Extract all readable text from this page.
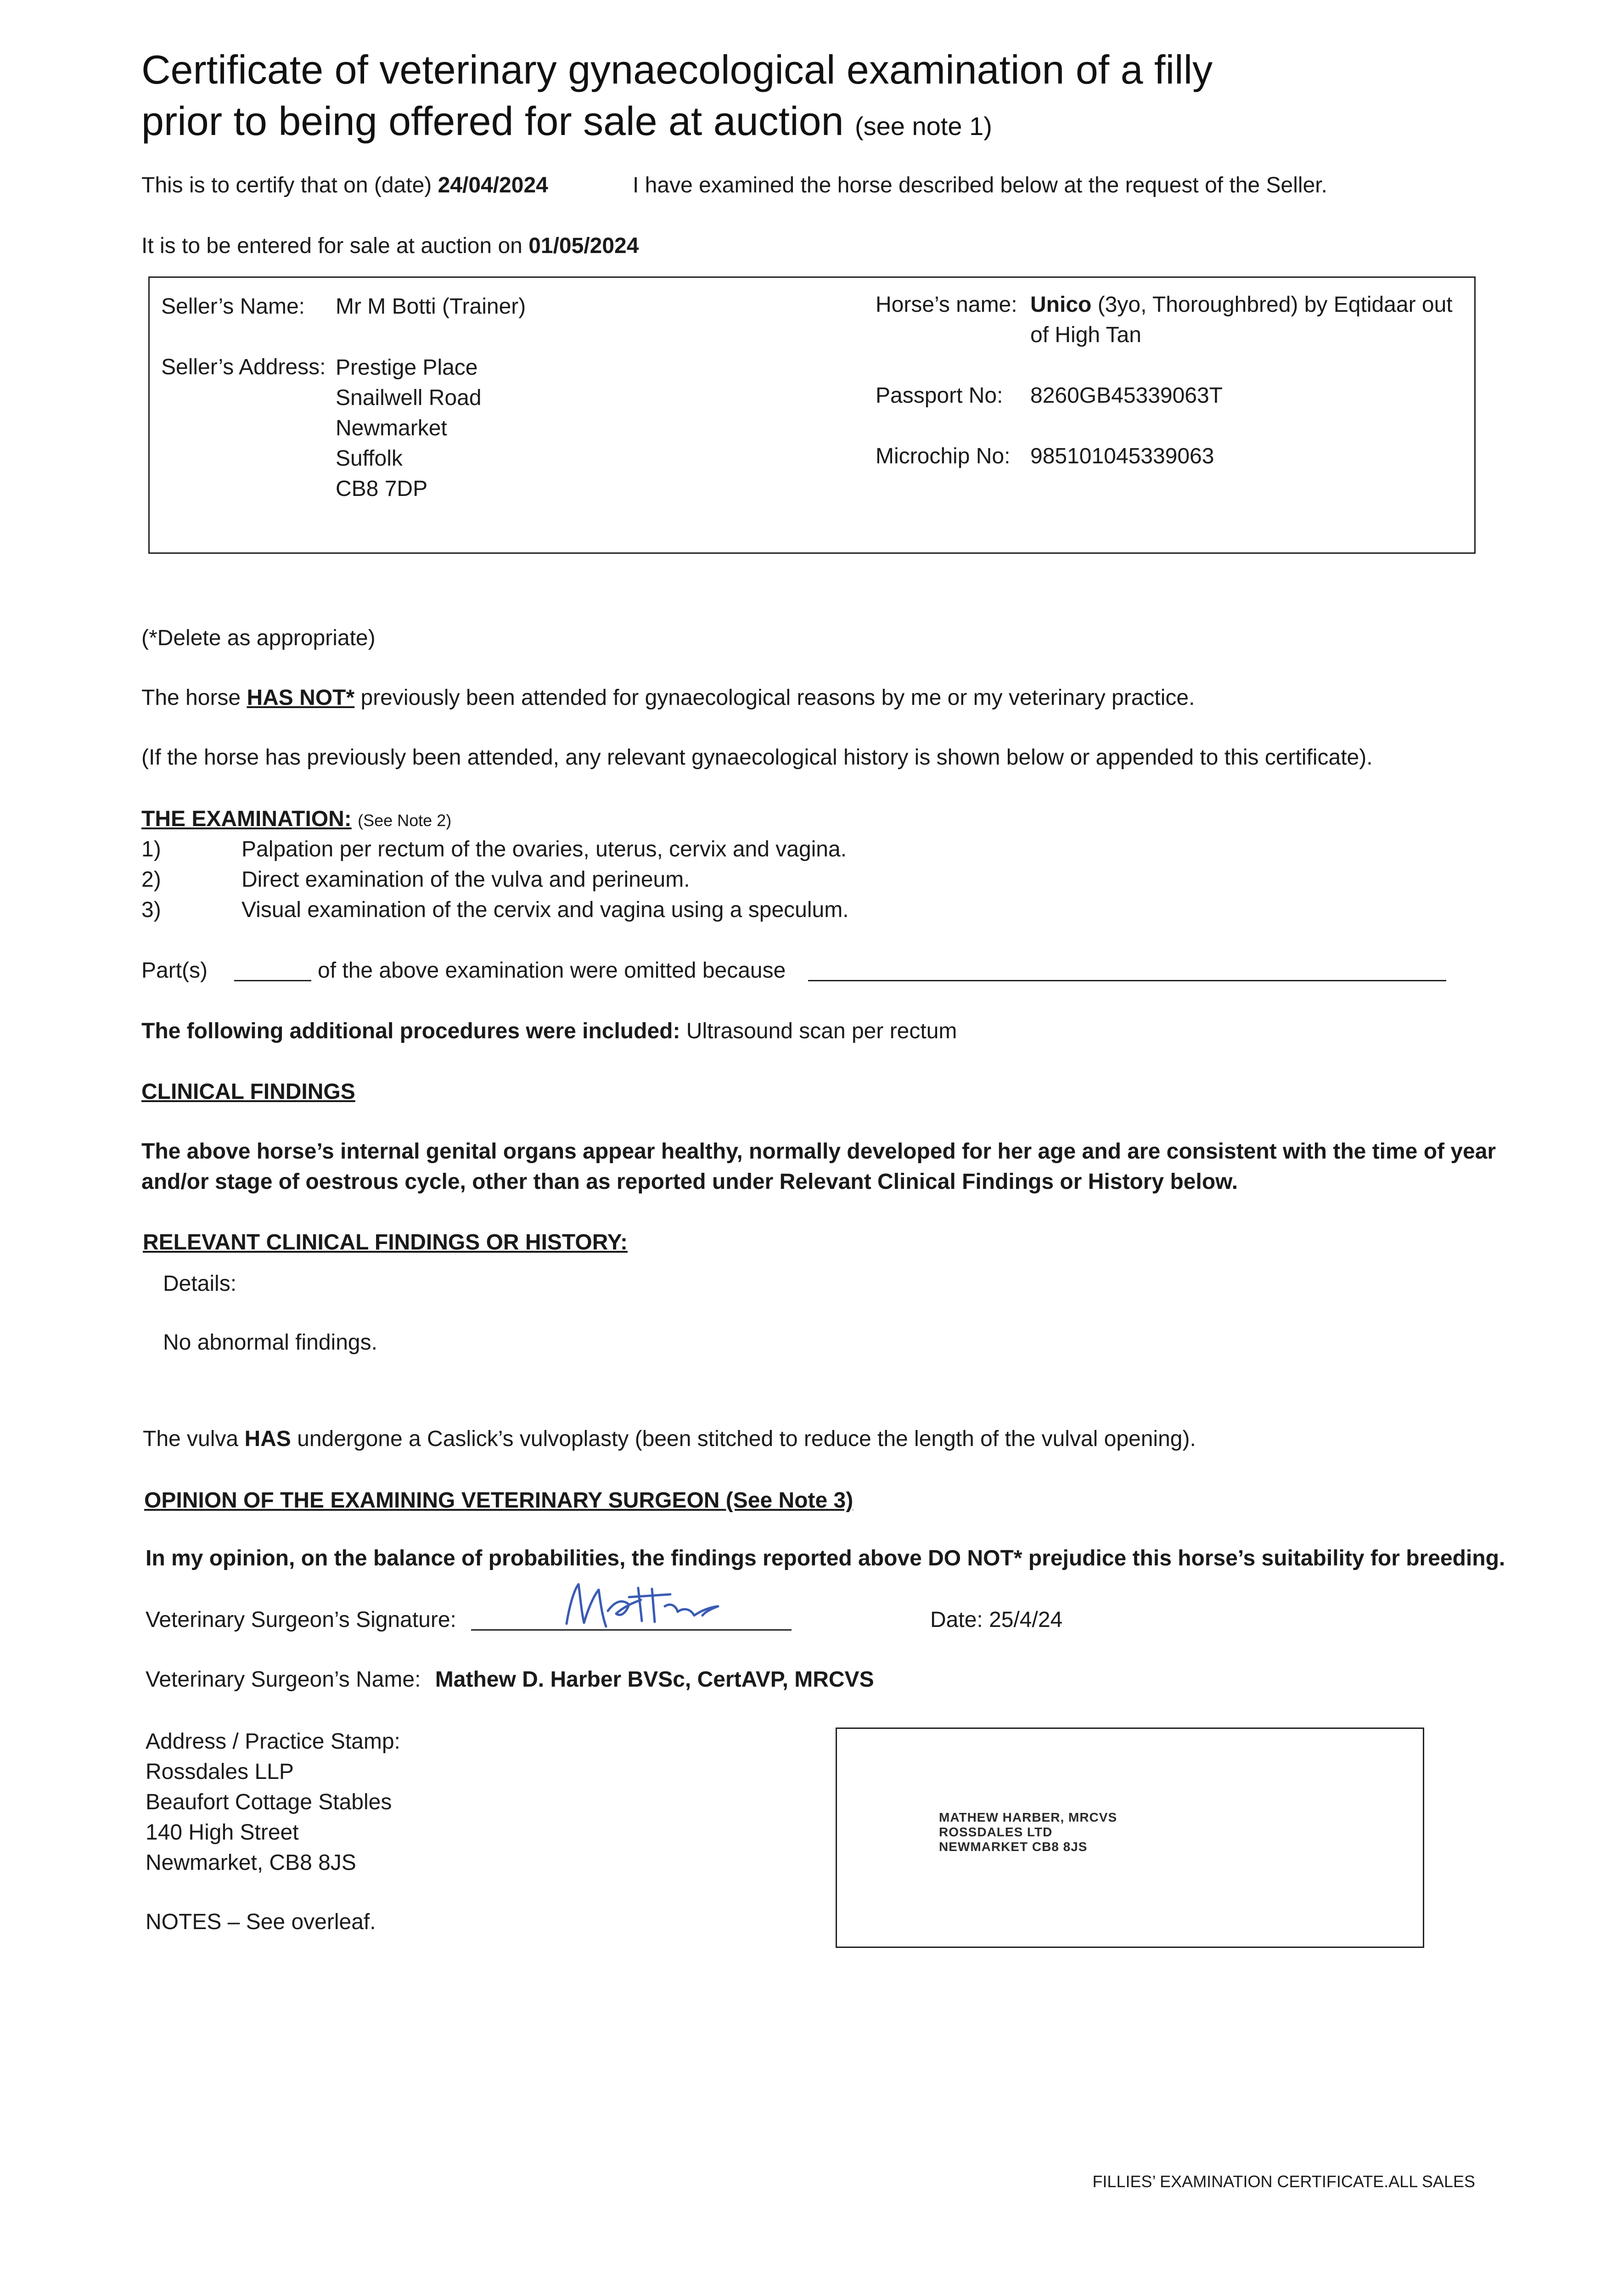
Certificate of veterinary gynaecological examination of a filly
prior to being offered for sale at auction (see note 1)
This is to certify that on (date) 24/04/2024	I have examined the horse described below at the request of the Seller.
It is to be entered for sale at auction on 01/05/2024
Seller’s Name: Mr M Botti (Trainer)
Seller’s Address: Prestige Place
Snailwell Road
Newmarket
Suffolk
CB8 7DP
Horse’s name: Unico (3yo, Thoroughbred) by Eqtidaar out
of High Tan
Passport No: 8260GB45339063T
Microchip No: 985101045339063
(*Delete as appropriate)
The horse HAS NOT* previously been attended for gynaecological reasons by me or my veterinary practice.
(If the horse has previously been attended, any relevant gynaecological history is shown below or appended to this certificate).
THE EXAMINATION: (See Note 2)
1)	Palpation per rectum of the ovaries, uterus, cervix and vagina.
2)	Direct examination of the vulva and perineum.
3)	Visual examination of the cervix and vagina using a speculum.
Part(s)	of the above examination were omitted because
The following additional procedures were included: Ultrasound scan per rectum
CLINICAL FINDINGS
The above horse’s internal genital organs appear healthy, normally developed for her age and are consistent with the time of year
and/or stage of oestrous cycle, other than as reported under Relevant Clinical Findings or History below.
RELEVANT CLINICAL FINDINGS OR HISTORY:
Details:
No abnormal findings.
The vulva HAS undergone a Caslick’s vulvoplasty (been stitched to reduce the length of the vulval opening).
OPINION OF THE EXAMINING VETERINARY SURGEON (See Note 3)
In my opinion, on the balance of probabilities, the findings reported above DO NOT* prejudice this horse’s suitability for breeding.
Veterinary Surgeon’s Signature:	Date: 25/4/24
Veterinary Surgeon’s Name: Mathew D. Harber BVSc, CertAVP, MRCVS
Address / Practice Stamp:
Rossdales LLP
Beaufort Cottage Stables
140 High Street
Newmarket, CB8 8JS
NOTES – See overleaf.
MATHEW HARBER, MRCVS
ROSSDALES LTD
NEWMARKET CB8 8JS
FILLIES’ EXAMINATION CERTIFICATE.ALL SALES
